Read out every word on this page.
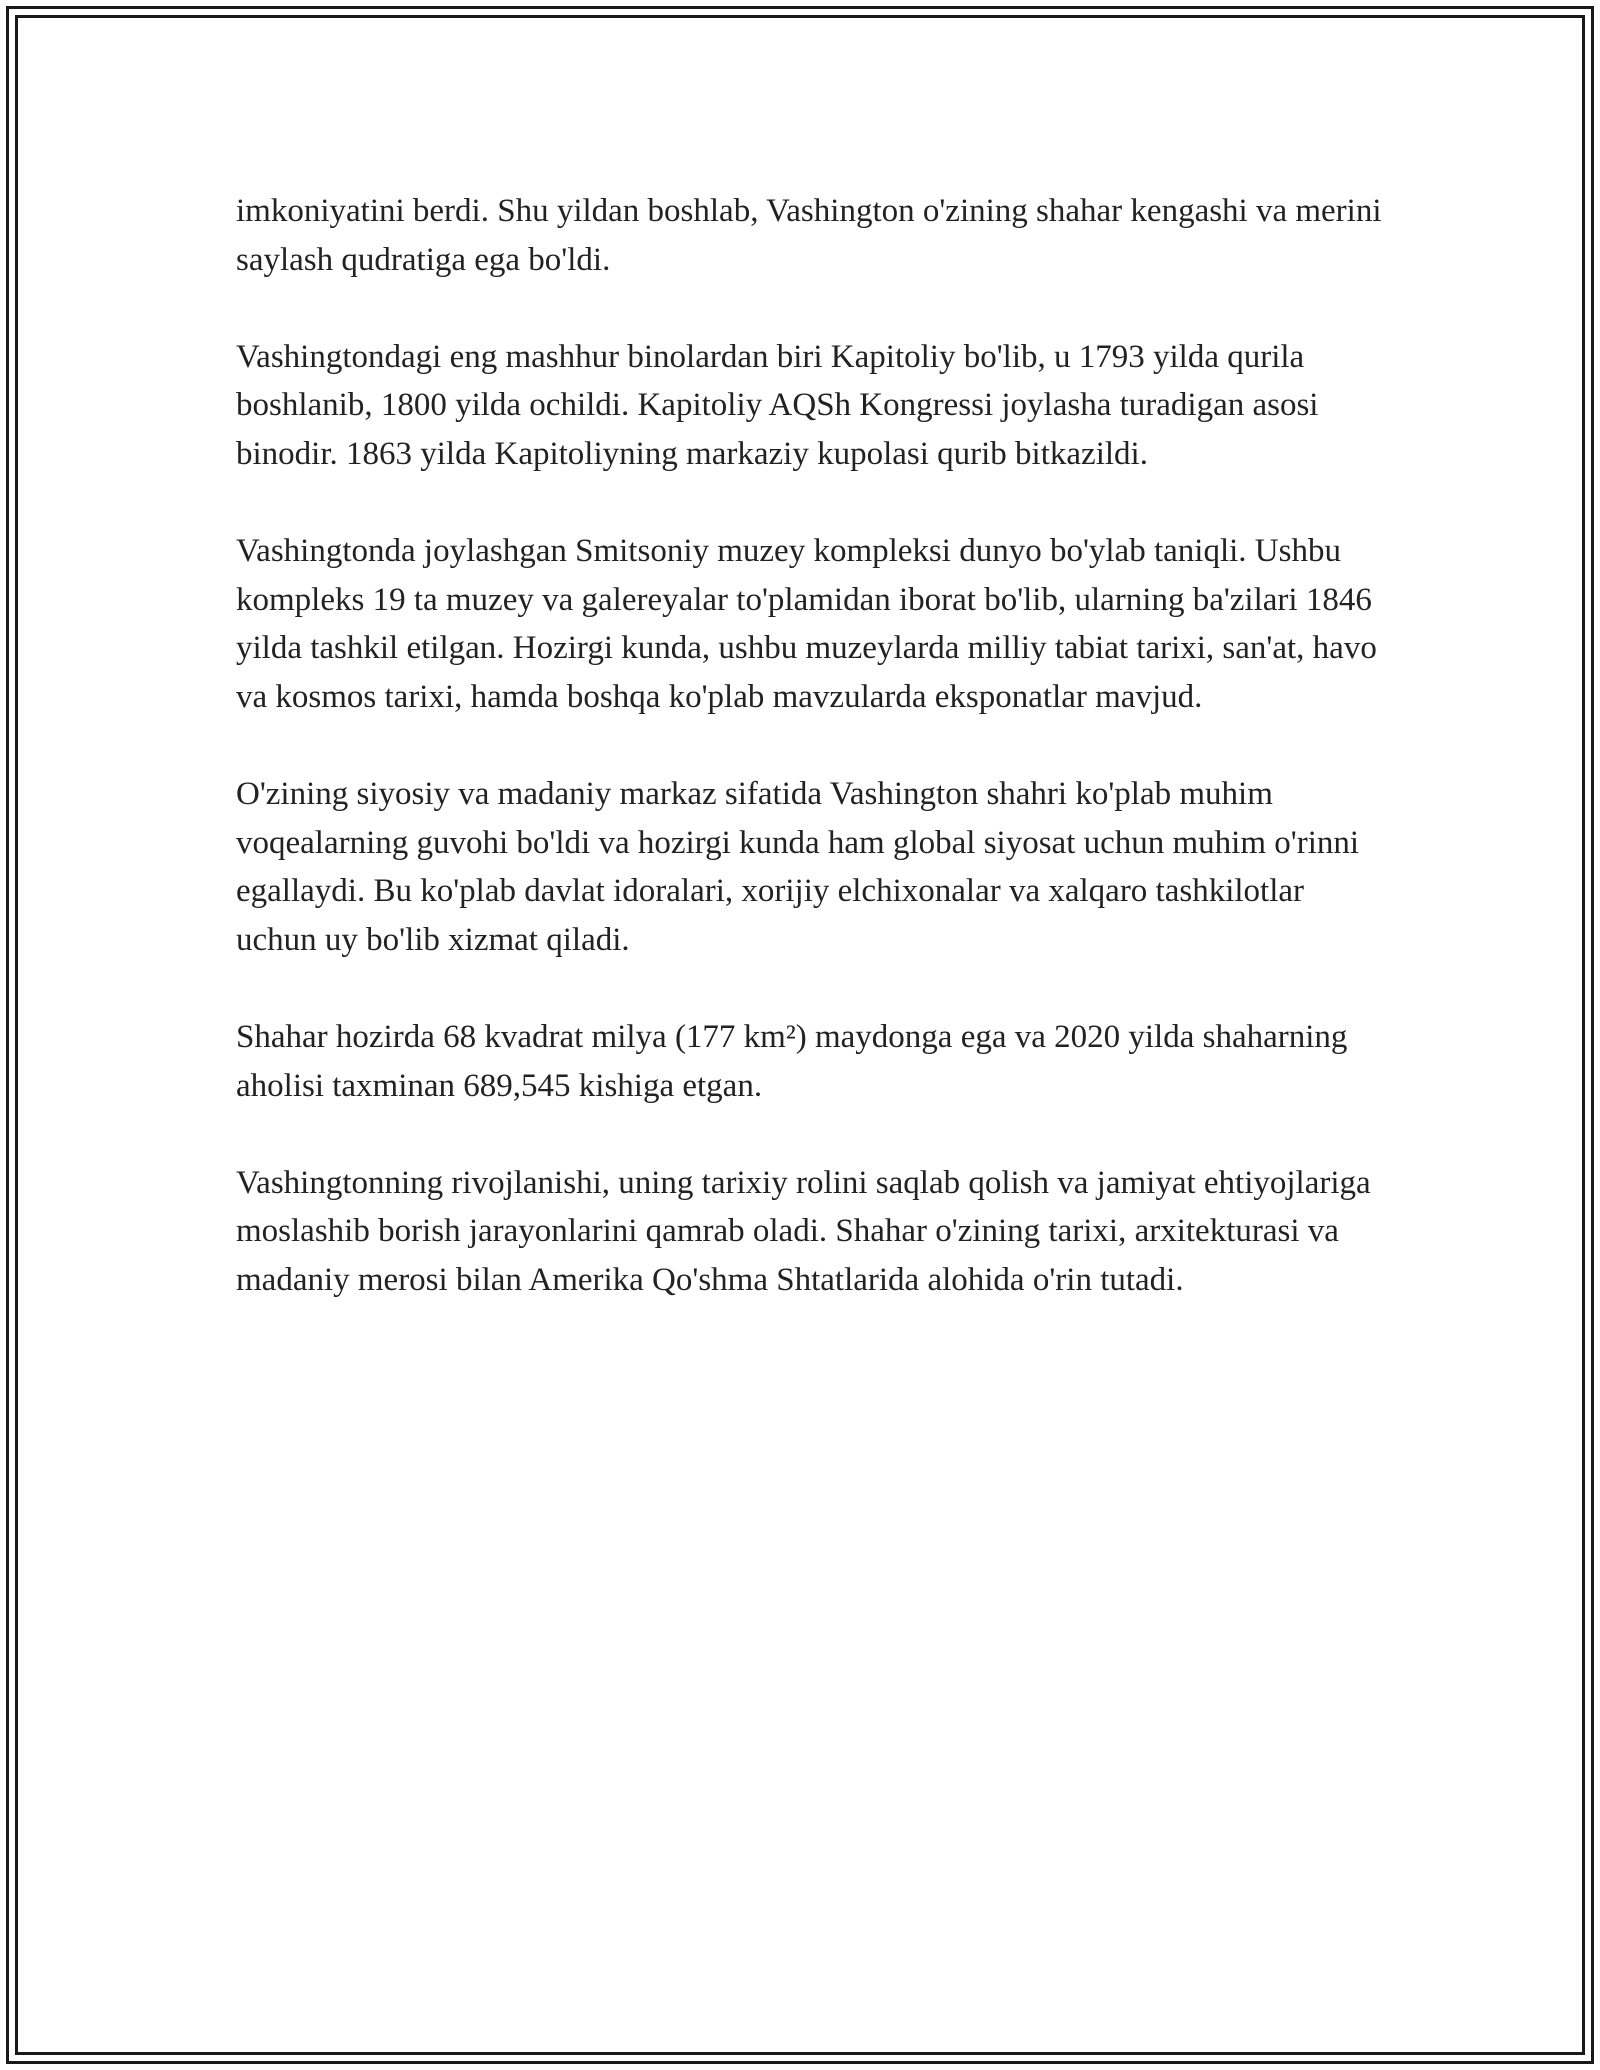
imkoniyatini berdi. Shu yildan boshlab, Vashington o'zining shahar kengashi va merini saylash qudratiga ega bo'ldi.

Vashingtondagi eng mashhur binolardan biri Kapitoliy bo'lib, u 1793 yilda qurila boshlanib, 1800 yilda ochildi. Kapitoliy AQSh Kongressi joylasha turadigan asosi binodir. 1863 yilda Kapitoliyning markaziy kupolasi qurib bitkazildi.

Vashingtonda joylashgan Smitsoniy muzey kompleksi dunyo bo'ylab taniqli. Ushbu kompleks 19 ta muzey va galereyalar to'plamidan iborat bo'lib, ularning ba'zilari 1846 yilda tashkil etilgan. Hozirgi kunda, ushbu muzeylarda milliy tabiat tarixi, san'at, havo va kosmos tarixi, hamda boshqa ko'plab mavzularda eksponatlar mavjud.

O'zining siyosiy va madaniy markaz sifatida Vashington shahri ko'plab muhim voqealarning guvohi bo'ldi va hozirgi kunda ham global siyosat uchun muhim o'rinni egallaydi. Bu ko'plab davlat idoralari, xorijiy elchixonalar va xalqaro tashkilotlar uchun uy bo'lib xizmat qiladi.

Shahar hozirda 68 kvadrat milya (177 km²) maydonga ega va 2020 yilda shaharning aholisi taxminan 689,545 kishiga etgan.

Vashingtonning rivojlanishi, uning tarixiy rolini saqlab qolish va jamiyat ehtiyojlariga moslashib borish jarayonlarini qamrab oladi. Shahar o'zining tarixi, arxitekturasi va madaniy merosi bilan Amerika Qo'shma Shtatlarida alohida o'rin tutadi.
